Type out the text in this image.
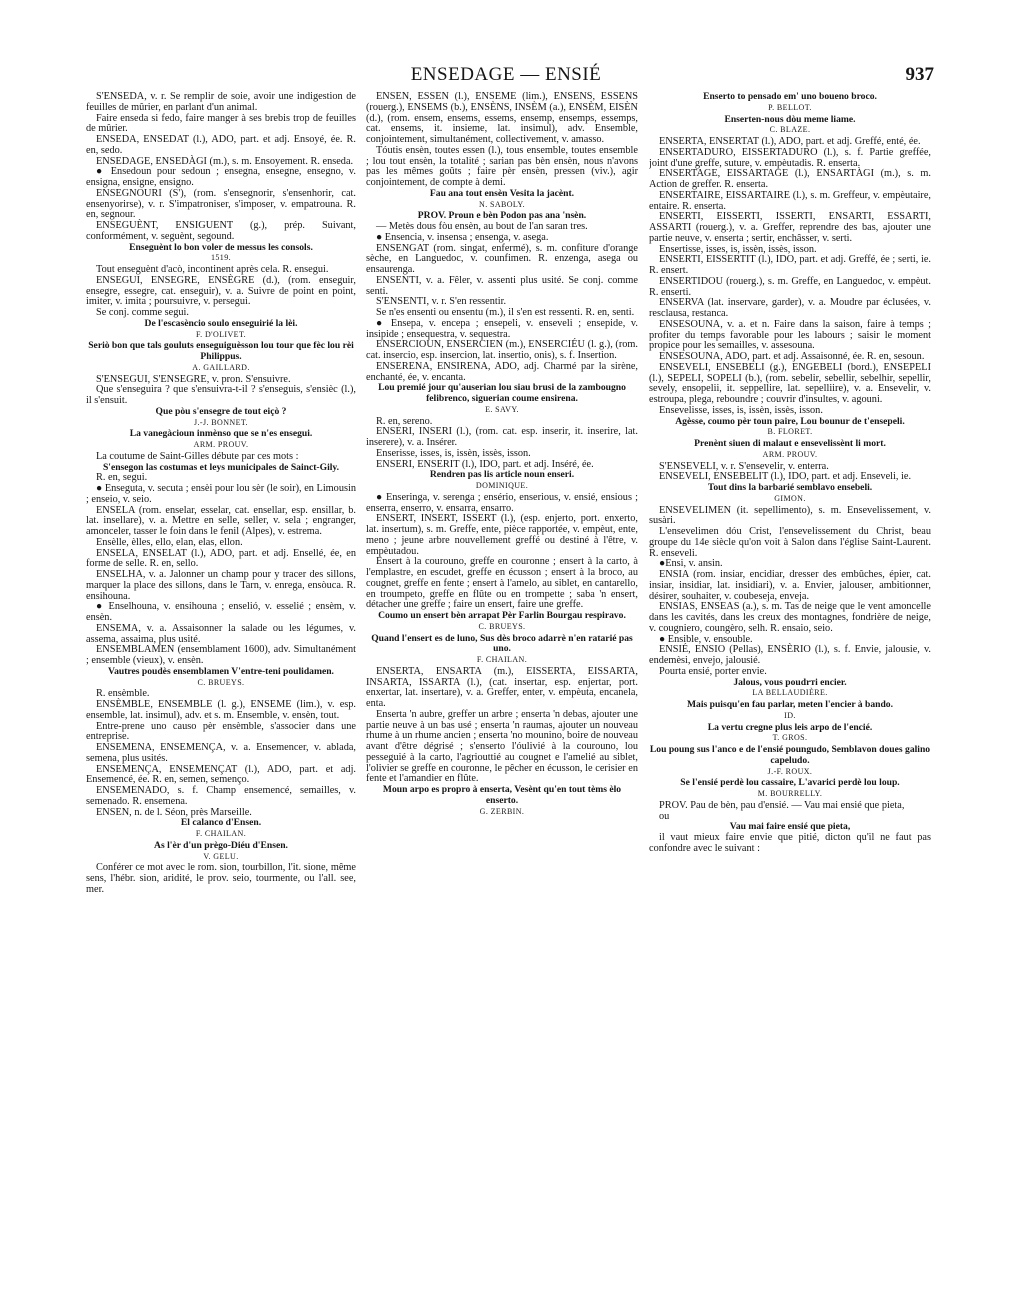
ENSEDAGE — ENSIÉ	937

S'ENSEDA, v. r. Se remplir de soie, avoir une indigestion de feuilles de mûrier, en parlant d'un animal.

Faire enseda si fedo, faire manger à ses brebis trop de feuilles de mûrier.

ENSEDA, ENSEDAT (l.), ADO, part. et adj. Ensoyé, ée. R. en, sedo.

ENSEDAGE, ENSEDÀGI (m.), s. m. Ensoyement. R. enseda.

● Ensedoun pour sedoun ; ensegna, ensegne, ensegno, v. ensigna, ensigne, ensigno.

ENSEGNOURI (S'), (rom. s'ensegnorir, s'ensenhorir, cat. ensenyorirse), v. r. S'impatroniser, s'imposer, v. empatrouna. R. en, segnour.

ENSEGUÈNT, ENSIGUENT (g.), prép. Suivant, conformément, v. seguènt, segound.

Enseguènt lo bon voler de messus les consols.

1519.

Tout enseguènt d'acò, incontinent après cela. R. ensegui.

ENSEGUI, ENSEGRE, ENSÈGRE (d.), (rom. enseguir, ensegre, essegre, cat. enseguir), v. a. Suivre de point en point, imiter, v. imita ; poursuivre, v. persegui.

Se conj. comme segui.

De l'escasèncio soulo enseguirié la lèi.

F. D'OLIVET.

Seriò bon que tals gouluts enseguiguèsson lou tour que fèc lou rèi Philippus.

A. GAILLARD.

S'ENSEGUI, S'ENSEGRE, v. pron. S'ensuivre.

Que s'enseguira ? que s'ensuivra-t-il ? s'enseguis, s'ensièc (l.), il s'ensuit.

Que pòu s'ensegre de tout eiçò ?

J.-J. BONNET.

La vanegàcioun inmènso que se n'es ensegui.

ARM. PROUV.

La coutume de Saint-Gilles débute par ces mots :

S'ensegon las costumas et leys municipales de Sainct-Gily.

R. en, segui.

● Enseguta, v. secuta ; ensèi pour lou sèr (le soir), en Limousin ; enseio, v. seio.

ENSELA (rom. enselar, esselar, cat. ensellar, esp. ensillar, b. lat. insellare), v. a. Mettre en selle, seller, v. sela ; engranger, amonceler, tasser le foin dans le fenil (Alpes), v. estrema.

Ensèlle, èlles, ello, elan, elas, ellon.

ENSELA, ENSELAT (l.), ADO, part. et adj. Ensellé, ée, en forme de selle. R. en, sello.

ENSELHA, v. a. Jalonner un champ pour y tracer des sillons, marquer la place des sillons, dans le Tarn, v. enrega, ensòuca. R. ensihouna.

● Enselhouna, v. ensihouna ; enselió, v. esselié ; ensèm, v. ensèn.

ENSEMA, v. a. Assaisonner la salade ou les légumes, v. assema, assaima, plus usité.

ENSEMBLAMEN (ensemblament 1600), adv. Simultanément ; ensemble (vieux), v. ensèn.

Vautres poudès ensemblamen V'entre-teni poulidamen.

C. BRUEYS.

R. ensèmble.

ENSÈMBLE, ENSEMBLE (l. g.), ENSEME (lim.), v. esp. ensemble, lat. insimul), adv. et s. m. Ensemble, v. ensèn, tout.

Entre-prene uno causo pèr ensèmble, s'associer dans une entreprise.

ENSEMENA, ENSEMENÇA, v. a. Ensemencer, v. ablada, semena, plus usités.

ENSEMENÇA, ENSEMENÇAT (l.), ADO, part. et adj. Ensemencé, ée. R. en, semen, semenço.

ENSEMENADO, s. f. Champ ensemencé, semailles, v. semenado. R. ensemena.

ENSEN, n. de l. Séon, près Marseille.

El calanco d'Ensen.

F. CHAILAN.

As l'èr d'un prègo-Diéu d'Ensen.

V. GELU.

Conférer ce mot avec le rom. sion, tourbillon, l'it. sione, même sens, l'hébr. sion, aridité, le prov. seio, tourmente, ou l'all. see, mer.

ENSÈN, ESSEN (l.), ENSEME (lim.), ENSENS, ESSENS (rouerg.), ENSEMS (b.), ENSÈNS, INSÈM (a.), ENSÈM, EISÈN (d.), (rom. ensem, ensems, essems, ensemp, ensemps, essemps, cat. ensems, it. insieme, lat. insimul), adv. Ensemble, conjointement, simultanément, collectivement, v. amasso.

Tóutis ensèn, toutes essen (l.), tous ensemble, toutes ensemble ; lou tout ensèn, la totalité ; sarian pas bèn ensèn, nous n'avons pas les mêmes goûts ; faire pèr ensèn, pressen (viv.), agir conjointement, de compte à demi.

Fau ana tout ensèn Vesita la jacènt.

N. SABOLY.

PROV. Proun e bèn Podon pas ana 'nsèn.

— Metès dous fòu ensèn, au bout de l'an saran tres.

● Ensencia, v. insensa ; ensenga, v. asega.

ENSENGAT (rom. singat, enfermé), s. m. confiture d'orange sèche, en Languedoc, v. counfimen. R. enzenga, asega ou ensaurenga.

ENSENTI, v. a. Fêler, v. assenti plus usité. Se conj. comme senti.

S'ENSENTI, v. r. S'en ressentir.

Se n'es ensenti ou ensentu (m.), il s'en est ressenti. R. en, senti.

● Ensepa, v. encepa ; ensepeli, v. enseveli ; ensepide, v. insipide ; ensequestra, v. sequestra.

ENSERCIOUN, ENSERCIEN (m.), ENSERCIÉU (l. g.), (rom. cat. insercio, esp. insercion, lat. insertio, onis), s. f. Insertion.

ENSERENA, ENSIRENA, ADO, adj. Charmé par la sirène, enchanté, ée, v. encanta.

Lou premié jour qu'auserian lou siau brusi de la zambougno felibrenco, siguerian coume ensirena.

E. SAVY.

R. en, sereno.

ENSERI, INSERI (l.), (rom. cat. esp. inserir, it. inserire, lat. inserere), v. a. Insérer.

Enserisse, isses, is, issèn, issès, isson.

ENSERI, ENSERIT (l.), IDO, part. et adj. Inséré, ée.

Rendren pas lis article noun enseri.

DOMINIQUE.

● Enseringa, v. serenga ; ensério, enserious, v. ensié, ensious ; enserra, enserro, v. ensarra, ensarro.

ENSERT, INSERT, ISSERT (l.), (esp. enjerto, port. enxerto, lat. insertum), s. m. Greffe, ente, pièce rapportée, v. empèut, ente, meno ; jeune arbre nouvellement greffé ou destiné à l'être, v. empèutadou.

Ensert à la courouno, greffe en couronne ; ensert à la carto, à l'emplastre, en escudet, greffe en écusson ; ensert à la broco, au cougnet, greffe en fente ; ensert à l'amelo, au siblet, en cantarello, en troumpeto, greffe en flûte ou en trompette ; saba 'n ensert, détacher une greffe ; faire un ensert, faire une greffe.

Coumo un ensert bèn arrapat Pèr Farlin Bourgau respiravo.

C. BRUEYS.

Quand l'ensert es de luno, Sus dès broco adarrè n'en ratarié pas uno.

F. CHAILAN.

ENSERTA, ENSARTA (m.), EISSERTA, EISSARTA, INSARTA, ISSARTA (l.), (cat. insertar, esp. enjertar, port. enxertar, lat. insertare), v. a. Greffer, enter, v. empèuta, encanela, enta.

Enserta 'n aubre, greffer un arbre ; enserta 'n debas, ajouter une partie neuve à un bas usé ; enserta 'n raumas, ajouter un nouveau rhume à un rhume ancien ; enserta 'no mounino, boire de nouveau avant d'être dégrisé ; s'enserto l'óulivié à la courouno, lou pesseguié à la carto, l'agriouttié au cougnet e l'amelié au siblet, l'olivier se greffe en couronne, le pêcher en écusson, le cerisier en fente et l'amandier en flûte.

Moun arpo es propro à enserta, Vesènt qu'en tout tèms èlo enserto.

G. ZERBIN.

Enserto to pensado em' uno boueno broco.

P. BELLOT.

Enserten-nous dòu meme liame.

C. BLAZE.

ENSERTA, ENSERTAT (l.), ADO, part. et adj. Greffé, enté, ée.

ENSERTADURO, EISSERTADURO (l.), s. f. Partie greffée, joint d'une greffe, suture, v. empèutadis. R. enserta.

ENSERTAGE, EISSARTAGE (l.), ENSARTÀGI (m.), s. m. Action de greffer. R. enserta.

ENSERTAIRE, EISSARTAIRE (l.), s. m. Greffeur, v. empèutaire, entaire. R. enserta.

ENSERTI, EISSERTI, ISSERTI, ENSARTI, ESSARTI, ASSARTI (rouerg.), v. a. Greffer, reprendre des bas, ajouter une partie neuve, v. enserta ; sertir, enchâsser, v. serti.

Ensertisse, isses, is, issèn, issès, isson.

ENSERTI, EISSERTIT (l.), IDO, part. et adj. Greffé, ée ; serti, ie. R. ensert.

ENSERTIDOU (rouerg.), s. m. Greffe, en Languedoc, v. empèut. R. enserti.

ENSERVA (lat. inservare, garder), v. a. Moudre par éclusées, v. resclausa, restanca.

ENSESOUNA, v. a. et n. Faire dans la saison, faire à temps ; profiter du temps favorable pour les labours ; saisir le moment propice pour les semailles, v. assesouna.

ENSESOUNA, ADO, part. et adj. Assaisonné, ée. R. en, sesoun.

ENSEVELI, ENSEBELI (g.), ENGEBELI (bord.), ENSEPELI (l.), SEPELI, SOPELI (b.), (rom. sebelir, sebellir, sebelhir, sepellir, sevely, ensopelii, it. seppellire, lat. sepelliire), v. a. Ensevelir, v. estroupa, plega, reboundre ; couvrir d'insultes, v. agouni.

Ensevelisse, isses, is, issèn, issès, isson.

Agèsse, coumo pèr toun paire, Lou bounur de t'ensepeli.

B. FLORET.

Prenènt siuen di malaut e ensevelissènt li mort.

ARM. PROUV.

S'ENSEVELI, v. r. S'ensevelir, v. enterra.

ENSEVELI, ENSEBELIT (l.), IDO, part. et adj. Enseveli, ie.

Tout dins la barbarié semblavo ensebeli.

GIMON.

ENSEVELIMEN (it. sepellimento), s. m. Ensevelissement, v. susàri.

L'ensevelimen dóu Crist, l'ensevelissement du Christ, beau groupe du 14e siècle qu'on voit à Salon dans l'église Saint-Laurent. R. enseveli.

●Ensi, v. ansin.

ENSIA (rom. insiar, encidiar, dresser des embûches, épier, cat. insiar, insidiar, lat. insidiari), v. a. Envier, jalouser, ambitionner, désirer, souhaiter, v. coubesejа, enveja.

ENSIAS, ENSEAS (a.), s. m. Tas de neige que le vent amoncelle dans les cavités, dans les creux des montagnes, fondrière de neige, v. cougniero, coungèro, selh. R. ensaio, seio.

● Ensible, v. ensouble.

ENSIÉ, ENSIO (Pellas), ENSÈRIO (l.), s. f. Envie, jalousie, v. endemèsi, envejo, jalousié.

Pourta ensié, porter envie.

Jalous, vous poudrті encier.

LA BELLAUDIÈRE.

Mais puisqu'en fau parlar, meten l'encier à bando.

ID.

La vertu cregne plus leis arpo de l'encié.

T. GROS.

Lou poung sus l'anco e de l'ensié poungudo, Semblavon doues galino capeludo.

J.-F. ROUX.

Se l'ensié perdè lou cassaire, L'avarici perdè lou loup.

M. BOURRELLY.

PROV. Pau de bèn, pau d'ensié. — Vau mai ensié que pieta,

ou

Vau mai faire ensié que pieta,

il vaut mieux faire envie que pitié, dicton qu'il ne faut pas confondre avec le suivant :
